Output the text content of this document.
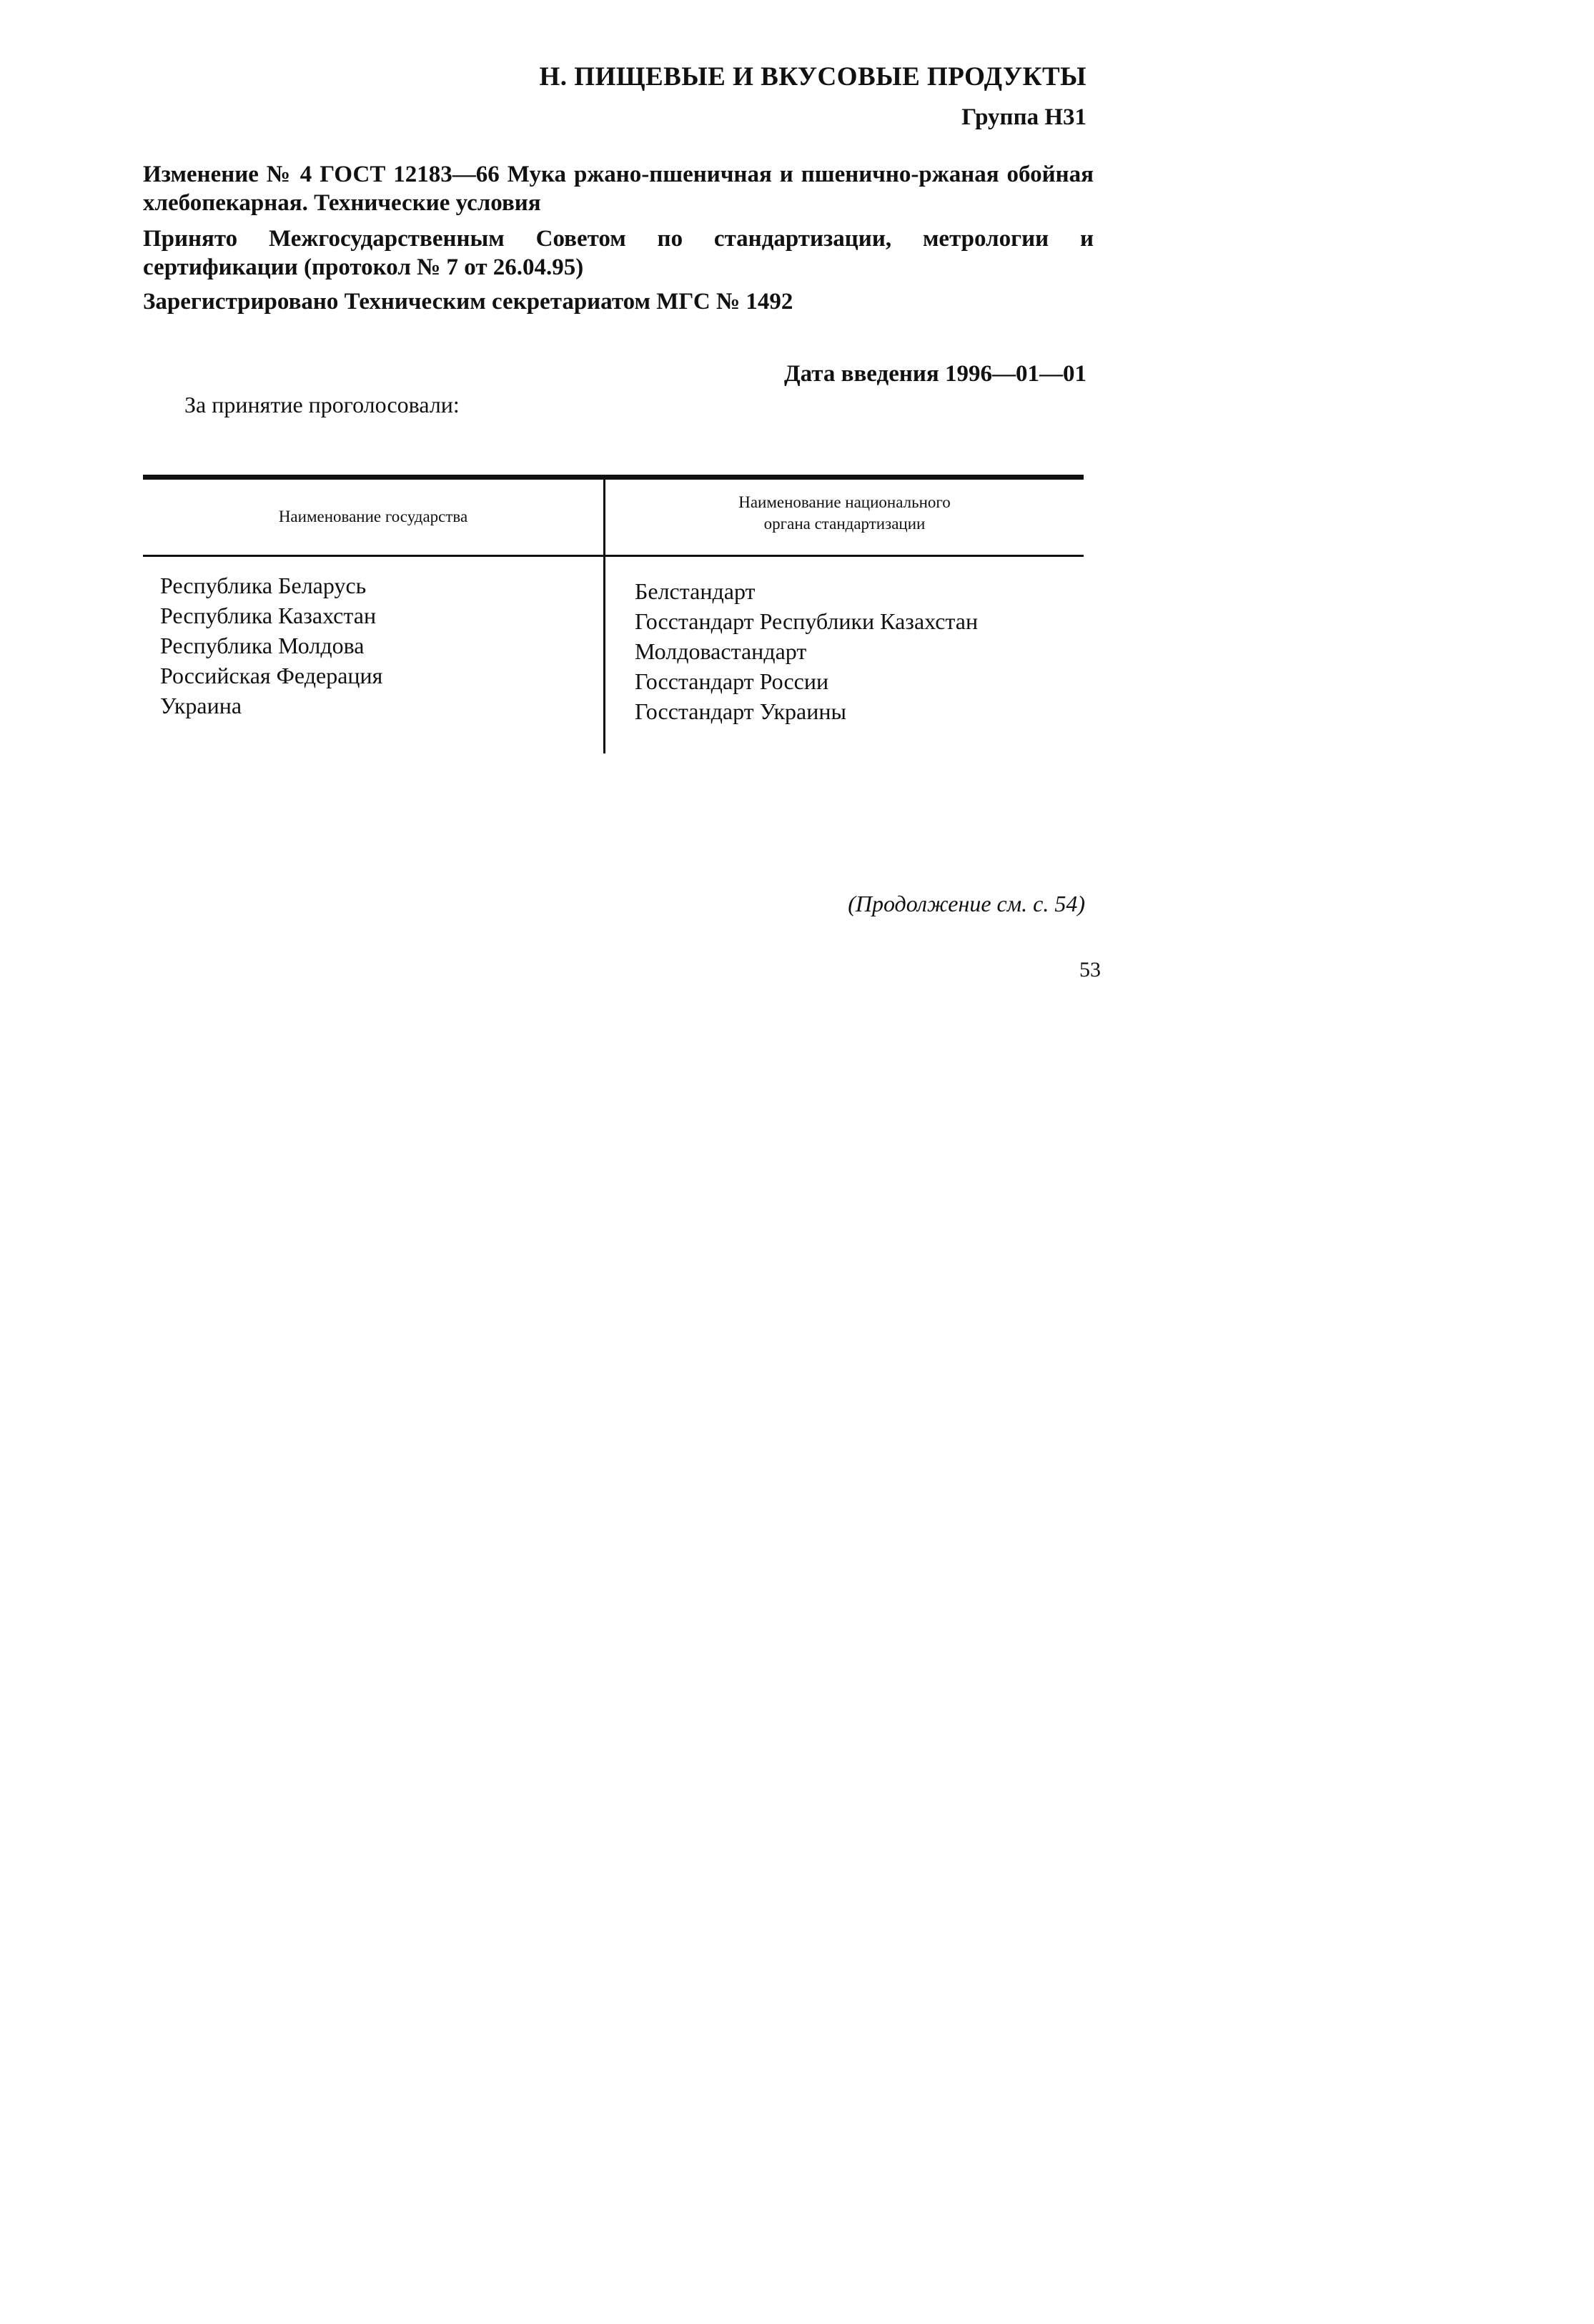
Н. ПИЩЕВЫЕ И ВКУСОВЫЕ ПРОДУКТЫ
Группа Н31
Изменение № 4 ГОСТ 12183—66 Мука ржано-пшеничная и пшенично-ржаная обойная хлебопекарная. Технические условия
Принято Межгосударственным Советом по стандартизации, метрологии и сертификации (протокол № 7 от 26.04.95)
Зарегистрировано Техническим секретариатом МГС № 1492
Дата введения 1996—01—01
За принятие проголосовали:
Наименование государства
Наименование национального
органа стандартизации
Республика Беларусь
Республика Казахстан
Республика Молдова
Российская Федерация
Украина
Белстандарт
Госстандарт Республики Казахстан
Молдовастандарт
Госстандарт России
Госстандарт Украины
(Продолжение см. с. 54)
53
